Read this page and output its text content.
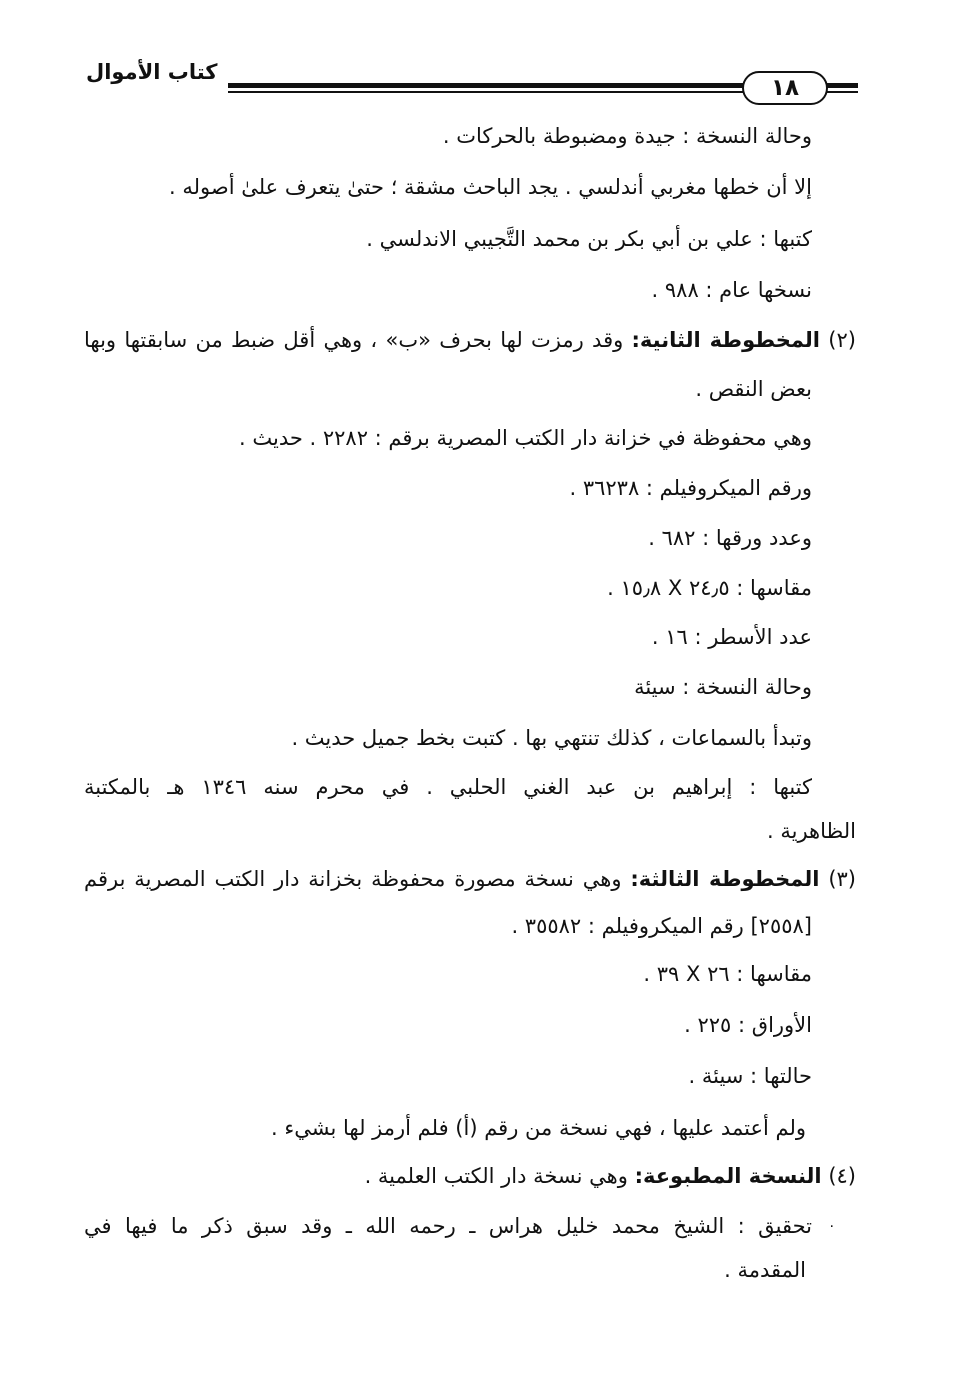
كتاب الأموال
١٨
وحالة النسخة : جيدة ومضبوطة بالحركات .
إلا أن خطها مغربي أندلسي . يجد الباحث مشقة ؛ حتىٰ يتعرف علىٰ أصوله .
كتبها : علي بن أبي بكر بن محمد التَّجيبي الاندلسي .
نسخها عام : ٩٨٨ .
(٢) المخطوطة الثانية: وقد رمزت لها بحرف «ب» ، وهي أقل ضبط من سابقتها وبها
بعض النقص .
وهي محفوظة في خزانة دار الكتب المصرية برقم : ٢٢٨٢ . حديث .
ورقم الميكروفيلم : ٣٦٢٣٨ .
وعدد ورقها : ٦٨٢ .
مقاسها : ٢٤٫٥ X ١٥٫٨ .
عدد الأسطر : ١٦ .
وحالة النسخة : سيئة
وتبدأ بالسماعات ، كذلك تنتهي بها . كتبت بخط جميل حديث .
كتبها : إبراهيم بن عبد الغني الحلبي . في محرم سنه ١٣٤٦ هـ بالمكتبة
الظاهرية .
(٣) المخطوطة الثالثة: وهي نسخة مصورة محفوظة بخزانة دار الكتب المصرية برقم
[٢٥٥٨] رقم الميكروفيلم : ٣٥٥٨٢ .
مقاسها : ٢٦ X ٣٩ .
الأوراق : ٢٢٥ .
حالتها : سيئة .
ولم أعتمد عليها ، فهي نسخة من رقم (أ) فلم أرمز لها بشيء .
(٤) النسخة المطبوعة: وهي نسخة دار الكتب العلمية .
٠
تحقيق : الشيخ محمد خليل هراس ـ رحمه الله ـ وقد سبق ذكر ما فيها في
المقدمة .
